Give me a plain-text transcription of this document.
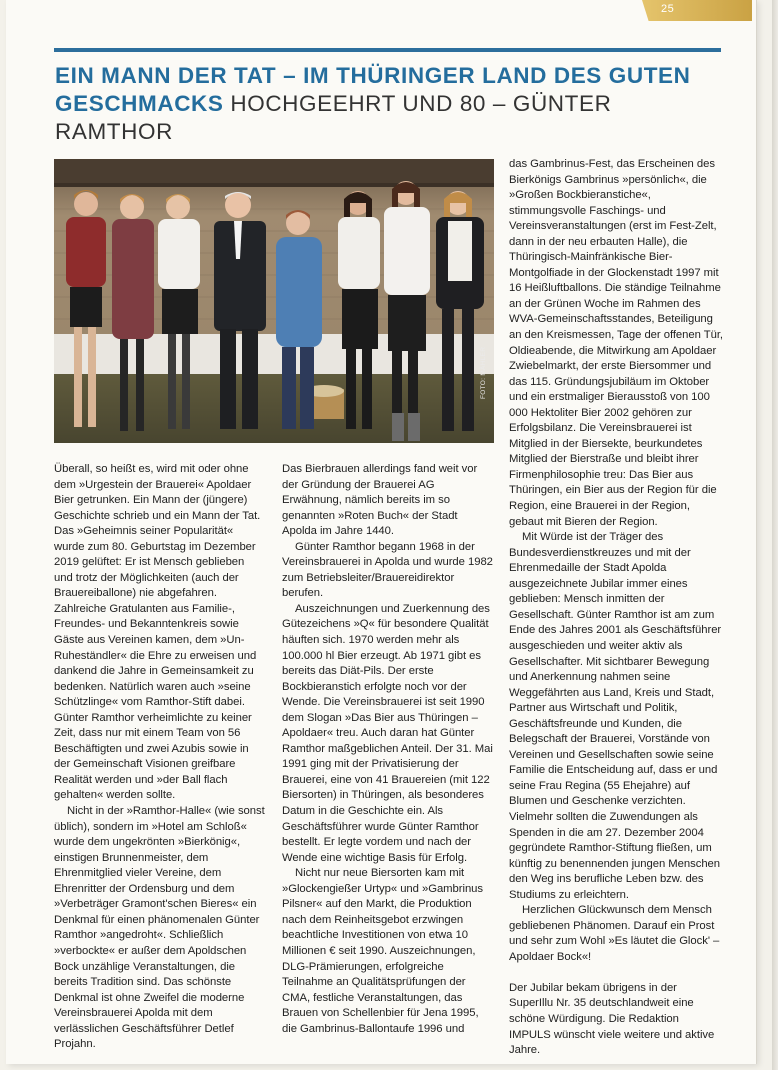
25
EIN MANN DER TAT – IM THÜRINGER LAND DES GUTEN GESCHMACKS HOCHGEEHRT UND 80 – GÜNTER RAMTHOR
FOTO: MÄHLER

Überall, so heißt es, wird mit oder ohne dem »Urgestein der Brauerei« Apoldaer Bier getrunken. Ein Mann der (jüngere) Geschichte schrieb und ein Mann der Tat. Das »Geheimnis seiner Popularität« wurde zum 80. Geburtstag im Dezember 2019 gelüftet: Er ist Mensch geblieben und trotz der Möglichkeiten (auch der Brauereiballone) nie abgefahren. Zahlreiche Gratulanten aus Familie-, Freundes- und Bekanntenkreis sowie Gäste aus Vereinen kamen, dem »Un-Ruheständler« die Ehre zu erweisen und dankend die Jahre in Gemeinsamkeit zu bedenken. Natürlich waren auch »seine Schützlinge« vom Ramthor-Stift dabei. Günter Ramthor verheimlichte zu keiner Zeit, dass nur mit einem Team von 56 Beschäftigten und zwei Azubis sowie in der Gemeinschaft Visionen greifbare Realität werden und »der Ball flach gehalten« werden sollte.

Nicht in der »Ramthor-Halle« (wie sonst üblich), sondern im »Hotel am Schloß« wurde dem ungekrönten »Bierkönig«, einstigen Brunnenmeister, dem Ehrenmitglied vieler Vereine, dem Ehrenritter der Ordensburg und dem »Verbeträger Gramont'schen Bieres« ein Denkmal für einen phänomenalen Günter Ramthor »angedroht«. Schließlich »verbockte« er außer dem Apoldschen Bock unzählige Veranstaltungen, die bereits Tradition sind. Das schönste Denkmal ist ohne Zweifel die moderne Vereinsbrauerei Apolda mit dem verlässlichen Geschäftsführer Detlef Projahn.

Das Bierbrauen allerdings fand weit vor der Gründung der Brauerei AG Erwähnung, nämlich bereits im so genannten »Roten Buch« der Stadt Apolda im Jahre 1440.

Günter Ramthor begann 1968 in der Vereinsbrauerei in Apolda und wurde 1982 zum Betriebsleiter/Brauereidirektor berufen.

Auszeichnungen und Zuerkennung des Gütezeichens »Q« für besondere Qualität häuften sich. 1970 werden mehr als 100.000 hl Bier erzeugt. Ab 1971 gibt es bereits das Diät-Pils. Der erste Bockbieranstich erfolgte noch vor der Wende. Die Vereinsbrauerei ist seit 1990 dem Slogan »Das Bier aus Thüringen – Apoldaer« treu. Auch daran hat Günter Ramthor maßgeblichen Anteil. Der 31. Mai 1991 ging mit der Privatisierung der Brauerei, eine von 41 Brauereien (mit 122 Biersorten) in Thüringen, als besonderes Datum in die Geschichte ein. Als Geschäftsführer wurde Günter Ramthor bestellt. Er legte vordem und nach der Wende eine wichtige Basis für Erfolg.

Nicht nur neue Biersorten kam mit »Glockengießer Urtyp« und »Gambrinus Pilsner« auf den Markt, die Produktion nach dem Reinheitsgebot erzwingen beachtliche Investitionen von etwa 10 Millionen € seit 1990. Auszeichnungen, DLG-Prämierungen, erfolgreiche Teilnahme an Qualitätsprüfungen der CMA, festliche Veranstaltungen, das Brauen von Schellenbier für Jena 1995, die Gambrinus-Ballontaufe 1996 und

das Gambrinus-Fest, das Erscheinen des Bierkönigs Gambrinus »persönlich«, die »Großen Bockbieranstiche«, stimmungsvolle Faschings- und Vereinsveranstaltungen (erst im Fest-Zelt, dann in der neu erbauten Halle), die Thüringisch-Mainfränkische Bier-Montgolfiade in der Glockenstadt 1997 mit 16 Heißluftballons. Die ständige Teilnahme an der Grünen Woche im Rahmen des WVA-Gemeinschaftsstandes, Beteiligung an den Kreismessen, Tage der offenen Tür, Oldieabende, die Mitwirkung am Apoldaer Zwiebelmarkt, der erste Biersommer und das 115. Gründungsjubiläum im Oktober und ein erstmaliger Bierausstoß von 100 000 Hektoliter Bier 2002 gehören zur Erfolgsbilanz. Die Vereinsbrauerei ist Mitglied in der Biersekte, beurkundetes Mitglied der Bierstraße und bleibt ihrer Firmenphilosophie treu: Das Bier aus Thüringen, ein Bier aus der Region für die Region, eine Brauerei in der Region, gebaut mit Bieren der Region.

Mit Würde ist der Träger des Bundesverdienstkreuzes und mit der Ehrenmedaille der Stadt Apolda ausgezeichnete Jubilar immer eines geblieben: Mensch inmitten der Gesellschaft. Günter Ramthor ist am zum Ende des Jahres 2001 als Geschäftsführer ausgeschieden und weiter aktiv als Gesellschafter. Mit sichtbarer Bewegung und Anerkennung nahmen seine Weggefährten aus Land, Kreis und Stadt, Partner aus Wirtschaft und Politik, Geschäftsfreunde und Kunden, die Belegschaft der Brauerei, Vorstände von Vereinen und Gesellschaften sowie seine Familie die Entscheidung auf, dass er und seine Frau Regina (55 Ehejahre) auf Blumen und Geschenke verzichten. Vielmehr sollten die Zuwendungen als Spenden in die am 27. Dezember 2004 gegründete Ramthor-Stiftung fließen, um künftig zu benennenden jungen Menschen den Weg ins berufliche Leben bzw. des Studiums zu erleichtern.

Herzlichen Glückwunsch dem Mensch gebliebenen Phänomen. Darauf ein Prost und sehr zum Wohl »Es läutet die Glock' – Apoldaer Bock«!

Der Jubilar bekam übrigens in der SuperIllu Nr. 35 deutschlandweit eine schöne Würdigung. Die Redaktion IMPULS wünscht viele weitere und aktive Jahre.
